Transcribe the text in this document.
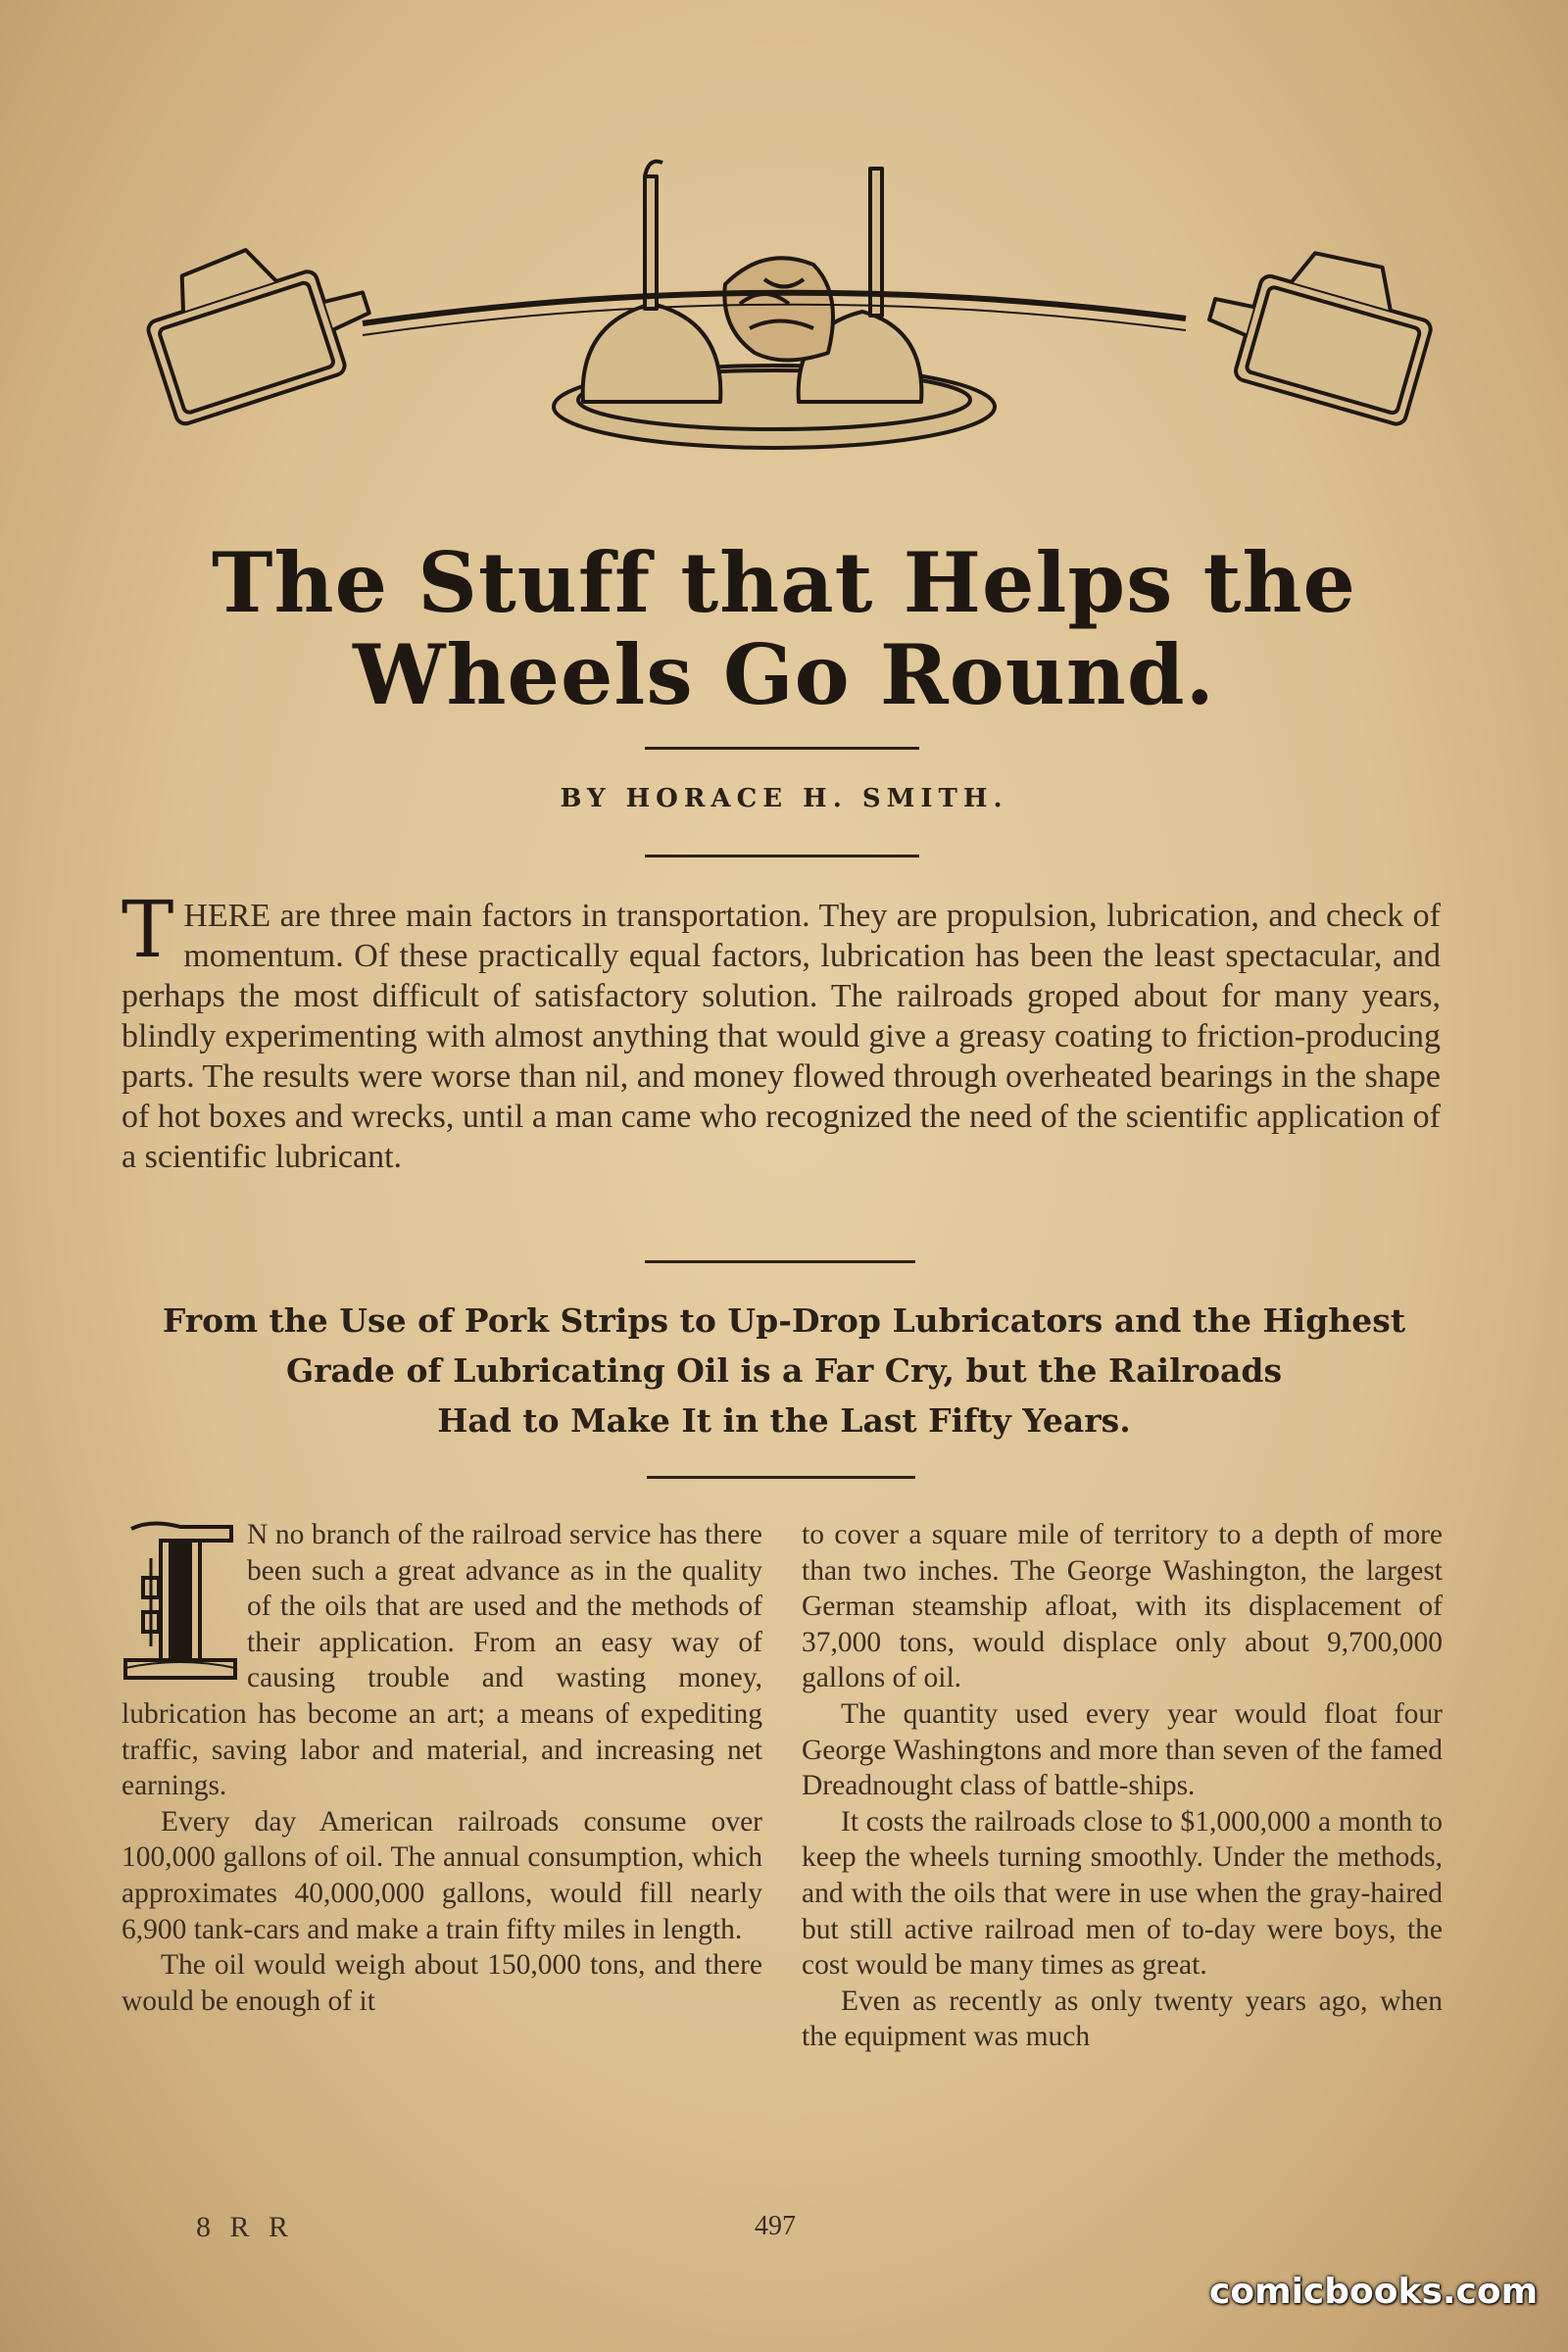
The Stuff that Helps the
Wheels Go Round.
BY HORACE H. SMITH.
THERE are three main factors in transportation. They are propulsion, lubrication, and check of momentum. Of these practically equal factors, lubrication has been the least spectacular, and perhaps the most difficult of satisfactory solution. The railroads groped about for many years, blindly experimenting with almost anything that would give a greasy coating to friction-producing parts. The results were worse than nil, and money flowed through overheated bearings in the shape of hot boxes and wrecks, until a man came who recognized the need of the scientific application of a scientific lubricant.
From the Use of Pork Strips to Up-Drop Lubricators and the Highest
Grade of Lubricating Oil is a Far Cry, but the Railroads
Had to Make It in the Last Fifty Years.

N no branch of the railroad service has there been such a great advance as in the quality of the oils that are used and the methods of their application. From an easy way of causing trouble and wasting money, lubrication has become an art; a means of expediting traffic, saving labor and material, and increasing net earnings.

Every day American railroads consume over 100,000 gallons of oil. The annual consumption, which approximates 40,000,000 gallons, would fill nearly 6,900 tank-cars and make a train fifty miles in length.

The oil would weigh about 150,000 tons, and there would be enough of it

to cover a square mile of territory to a depth of more than two inches. The George Washington, the largest German steamship afloat, with its displacement of 37,000 tons, would displace only about 9,700,000 gallons of oil.

The quantity used every year would float four George Washingtons and more than seven of the famed Dreadnought class of battle-ships.

It costs the railroads close to $1,000,000 a month to keep the wheels turning smoothly. Under the methods, and with the oils that were in use when the gray-haired but still active railroad men of to-day were boys, the cost would be many times as great.

Even as recently as only twenty years ago, when the equipment was much

8 R R	497
comicbooks.com
